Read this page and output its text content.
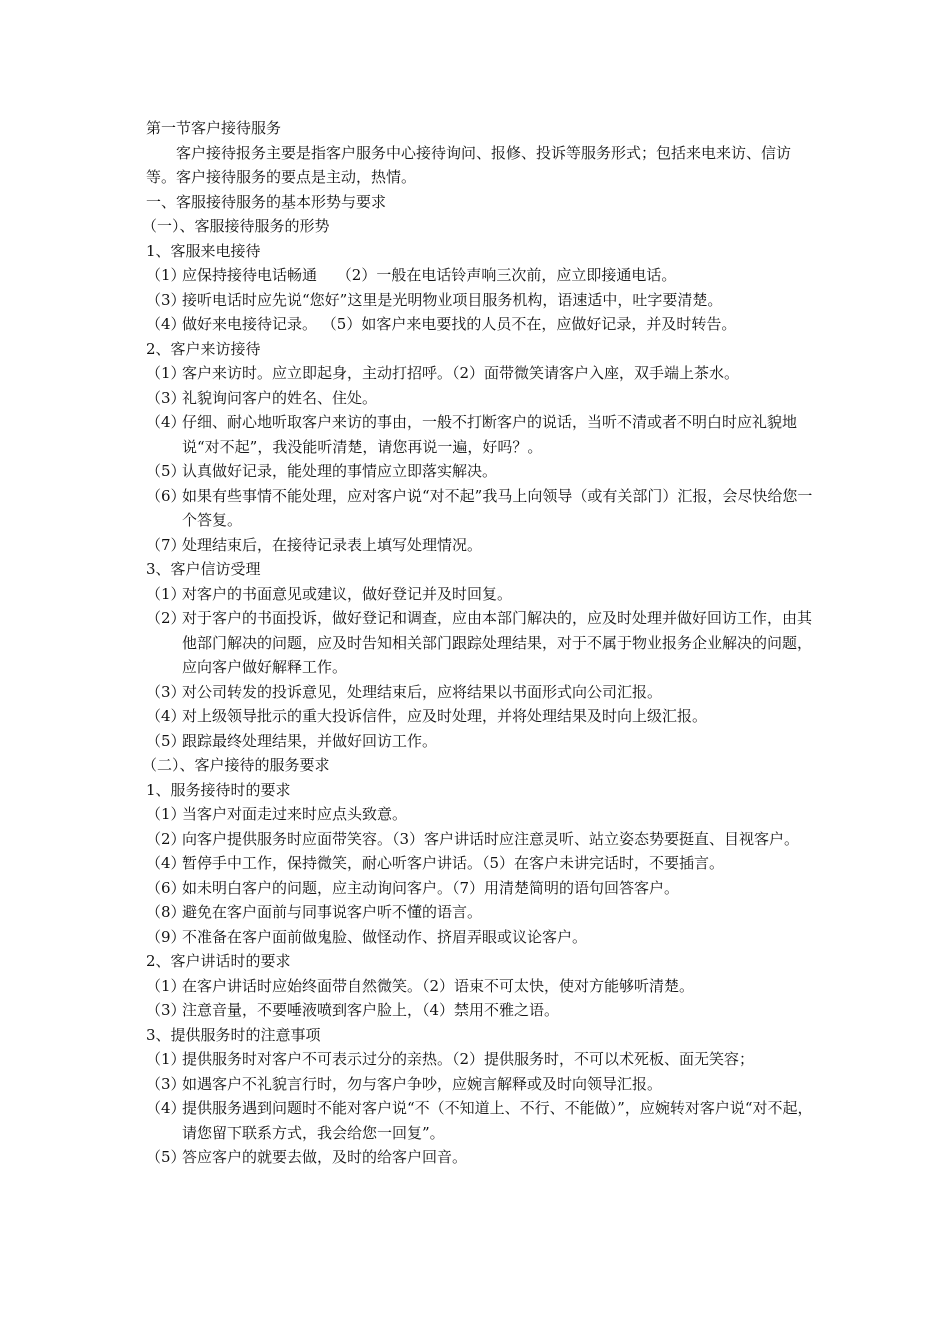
第一节客户接待服务
客户接待报务主要是指客户服务中心接待询问、报修、投诉等服务形式；包括来电来访、信访等。客户接待服务的要点是主动，热情。
一、客服接待服务的基本形势与要求
（一）、客服接待服务的形势
1、客服来电接待
（1）
应保持接待电话畅通　 （2）一般在电话铃声响三次前，应立即接通电话。
（3）
接听电话时应先说“您好”这里是光明物业项目服务机构，语速适中，吐字要清楚。
（4）
做好来电接待记录。 （5）如客户来电要找的人员不在，应做好记录，并及时转告。
2、客户来访接待
（1）
客户来访时。应立即起身，主动打招呼。（2）面带微笑请客户入座，双手端上茶水。
（3）
礼貌询问客户的姓名、住处。
（4）
仔细、耐心地听取客户来访的事由，一般不打断客户的说话，当听不清或者不明白时应礼貌地说“对不起”，我没能听清楚，请您再说一遍，好吗？。
（5）
认真做好记录，能处理的事情应立即落实解决。
（6）
如果有些事情不能处理，应对客户说“对不起”我马上向领导（或有关部门）汇报，会尽快给您一个答复。
（7）
处理结束后，在接待记录表上填写处理情况。
3、客户信访受理
（1）
对客户的书面意见或建议，做好登记并及时回复。
（2）
对于客户的书面投诉，做好登记和调查，应由本部门解决的，应及时处理并做好回访工作，由其他部门解决的问题，应及时告知相关部门跟踪处理结果，对于不属于物业报务企业解决的问题，应向客户做好解释工作。
（3）
对公司转发的投诉意见，处理结束后，应将结果以书面形式向公司汇报。
（4）
对上级领导批示的重大投诉信件，应及时处理，并将处理结果及时向上级汇报。
（5）
跟踪最终处理结果，并做好回访工作。
（二）、客户接待的服务要求
1、服务接待时的要求
（1）
当客户对面走过来时应点头致意。
（2）
向客户提供服务时应面带笑容。（3）客户讲话时应注意灵听、站立姿态势要挺直、目视客户。
（4）
暂停手中工作，保持微笑，耐心听客户讲话。（5）在客户未讲完话时，不要插言。
（6）
如未明白客户的问题，应主动询问客户。（7）用清楚简明的语句回答客户。
（8）
避免在客户面前与同事说客户听不懂的语言。
（9）
不准备在客户面前做鬼脸、做怪动作、挤眉弄眼或议论客户。
2、客户讲话时的要求
（1）
在客户讲话时应始终面带自然微笑。（2）语束不可太快，使对方能够听清楚。
（3）
注意音量，不要唾液喷到客户脸上，（4）禁用不雅之语。
3、提供服务时的注意事项
（1）
提供服务时对客户不可表示过分的亲热。（2）提供服务时，不可以术死板、面无笑容；
（3）
如遇客户不礼貌言行时，勿与客户争吵，应婉言解释或及时向领导汇报。
（4）
提供服务遇到问题时不能对客户说“不（不知道上、不行、不能做）”，应婉转对客户说“对不起，请您留下联系方式，我会给您一回复”。
（5）
答应客户的就要去做，及时的给客户回音。
